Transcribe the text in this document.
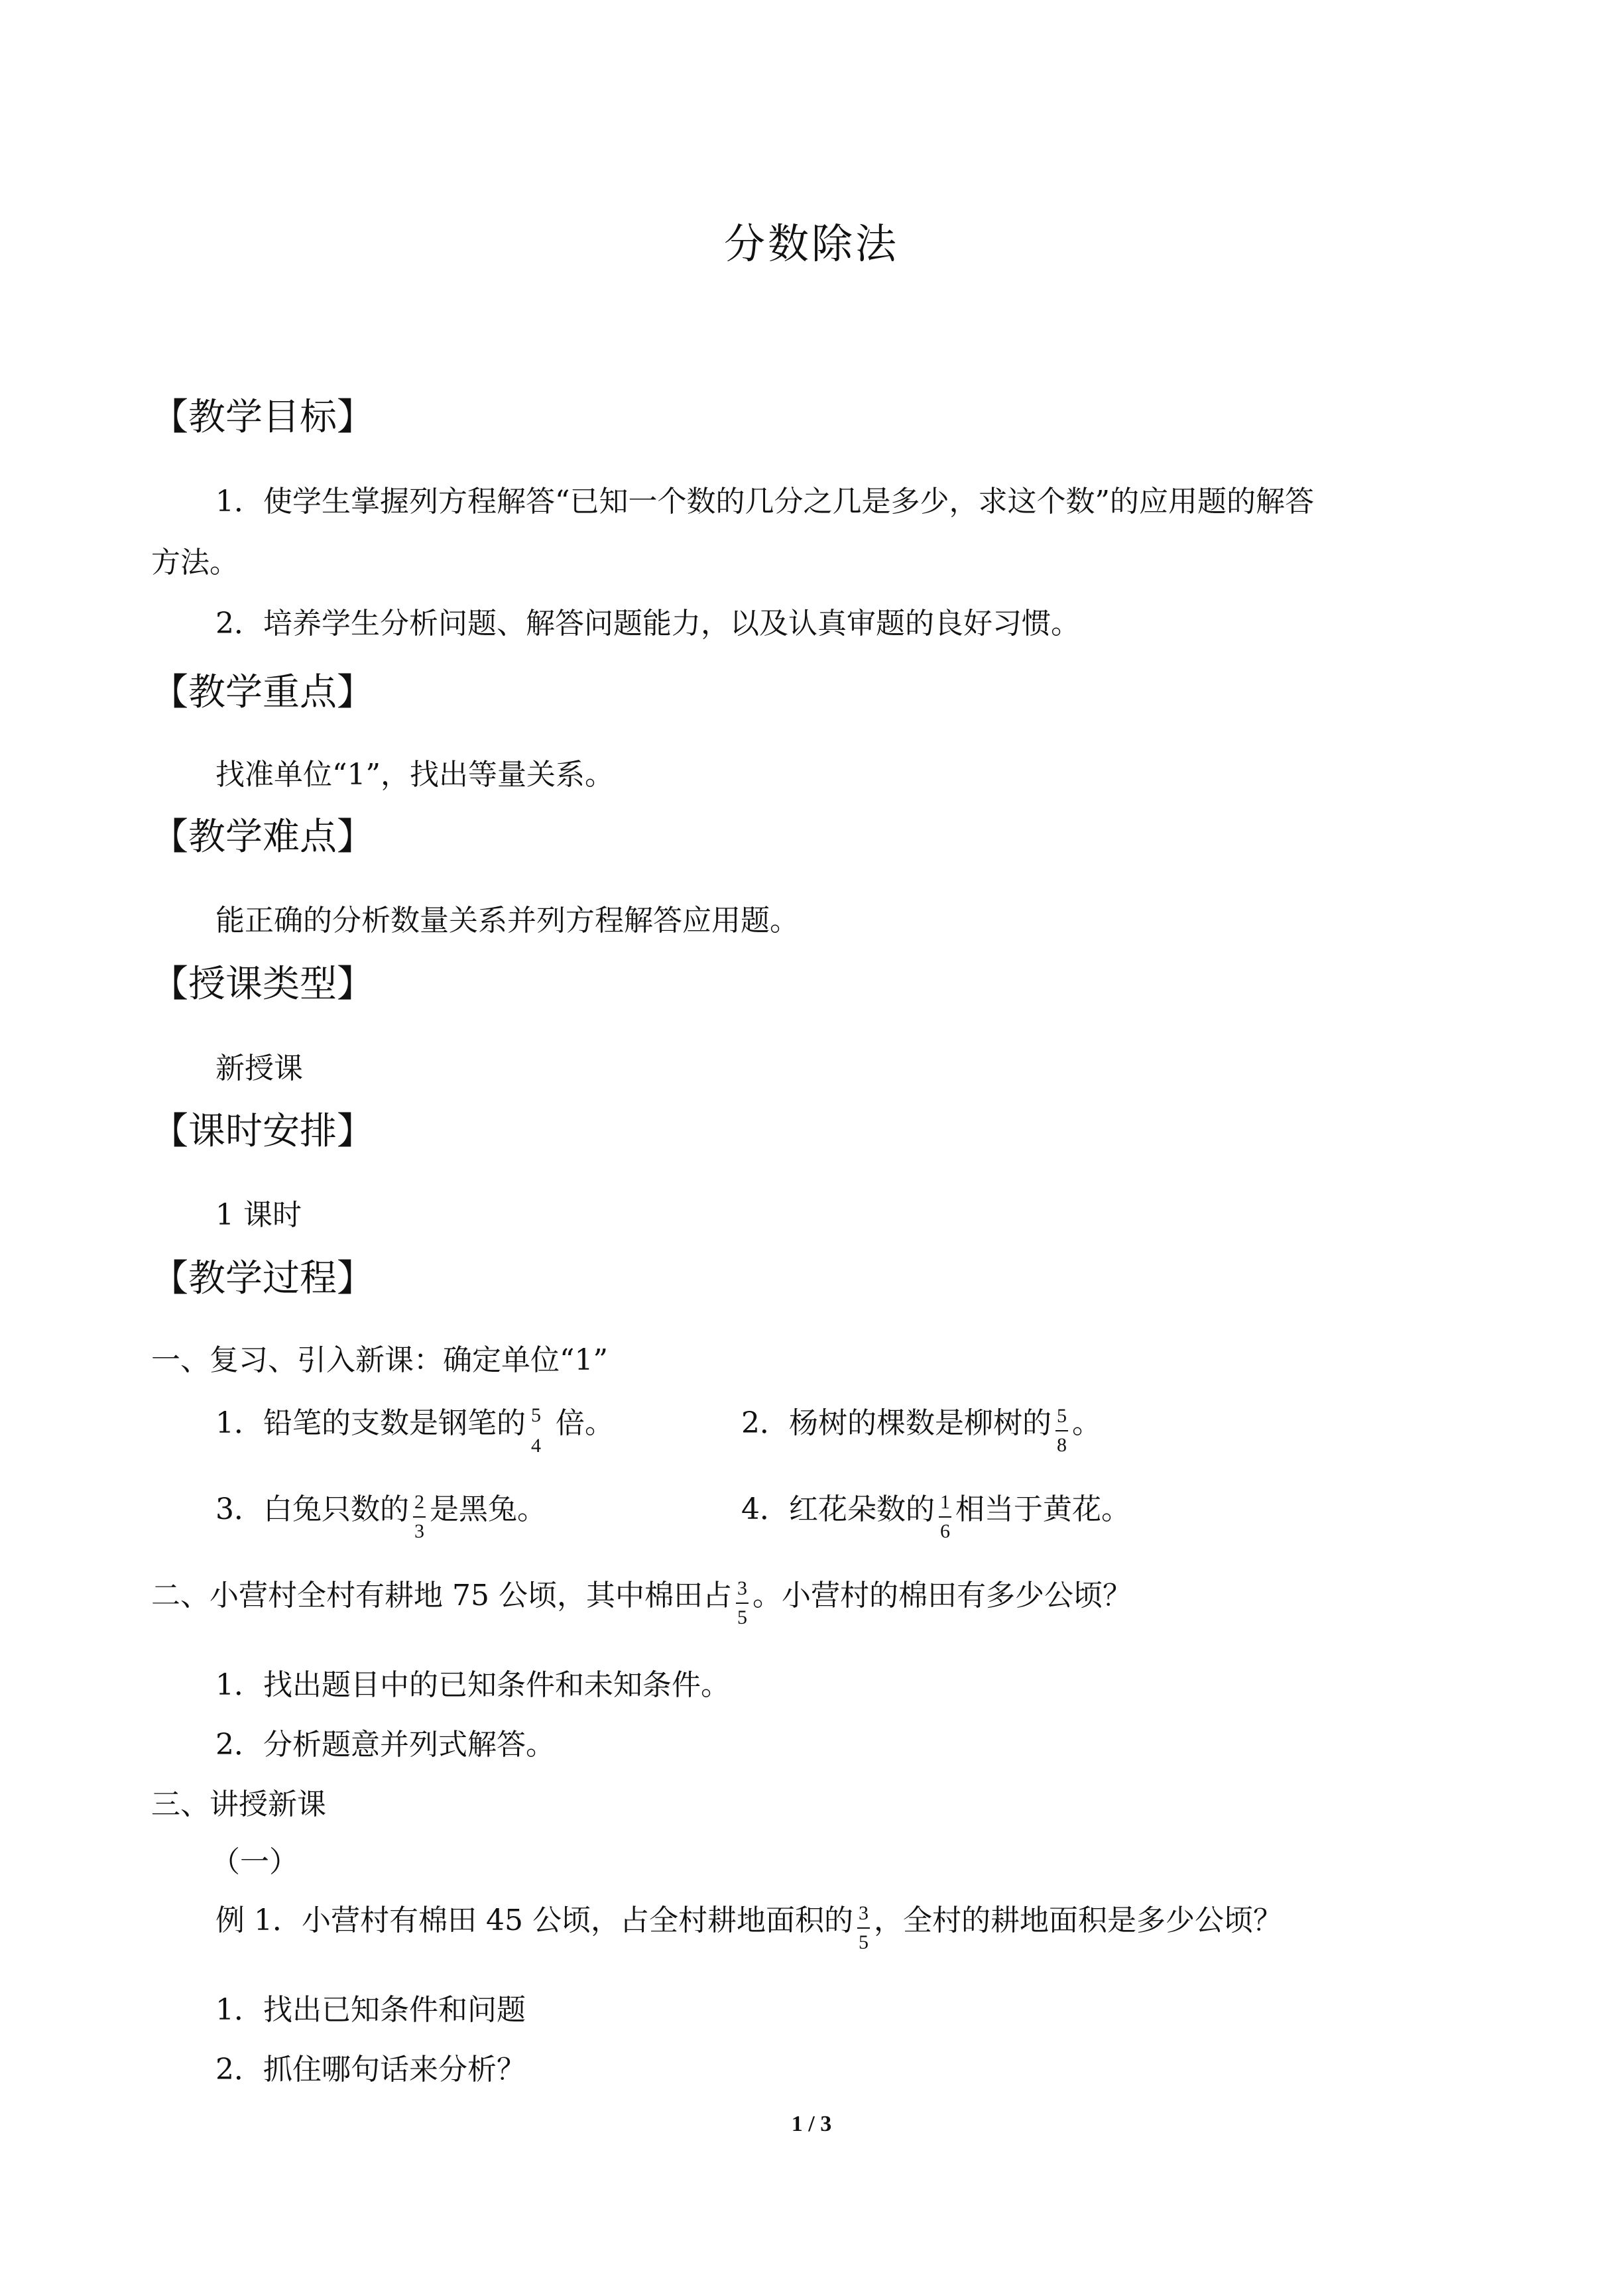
分数除法
【教学目标】
1．使学生掌握列方程解答“已知一个数的几分之几是多少，求这个数”的应用题的解答
方法。
2．培养学生分析问题、解答问题能力，以及认真审题的良好习惯。
【教学重点】
找准单位“1”，找出等量关系。
【教学难点】
能正确的分析数量关系并列方程解答应用题。
【授课类型】
新授课
【课时安排】
1 课时
【教学过程】
一、复习、引入新课：确定单位“1”
1．铅笔的支数是钢笔的 5
4
倍。	2．杨树的棵数是柳树的 $\frac{5}{8}$ 。
3．白兔只数的 $\frac{2}{3}$ 是黑兔。	4．红花朵数的 $\frac{1}{6}$ 相当于黄花。
二、小营村全村有耕地 75 公顷，其中棉田占 $\frac{3}{5}$ 。小营村的棉田有多少公顷？
1．找出题目中的已知条件和未知条件。
2．分析题意并列式解答。
三、讲授新课
（一）
例 1．小营村有棉田 45 公顷，占全村耕地面积的 $\frac{3}{5}$ ，全村的耕地面积是多少公顷？
1．找出已知条件和问题
2．抓住哪句话来分析？
1 / 3
